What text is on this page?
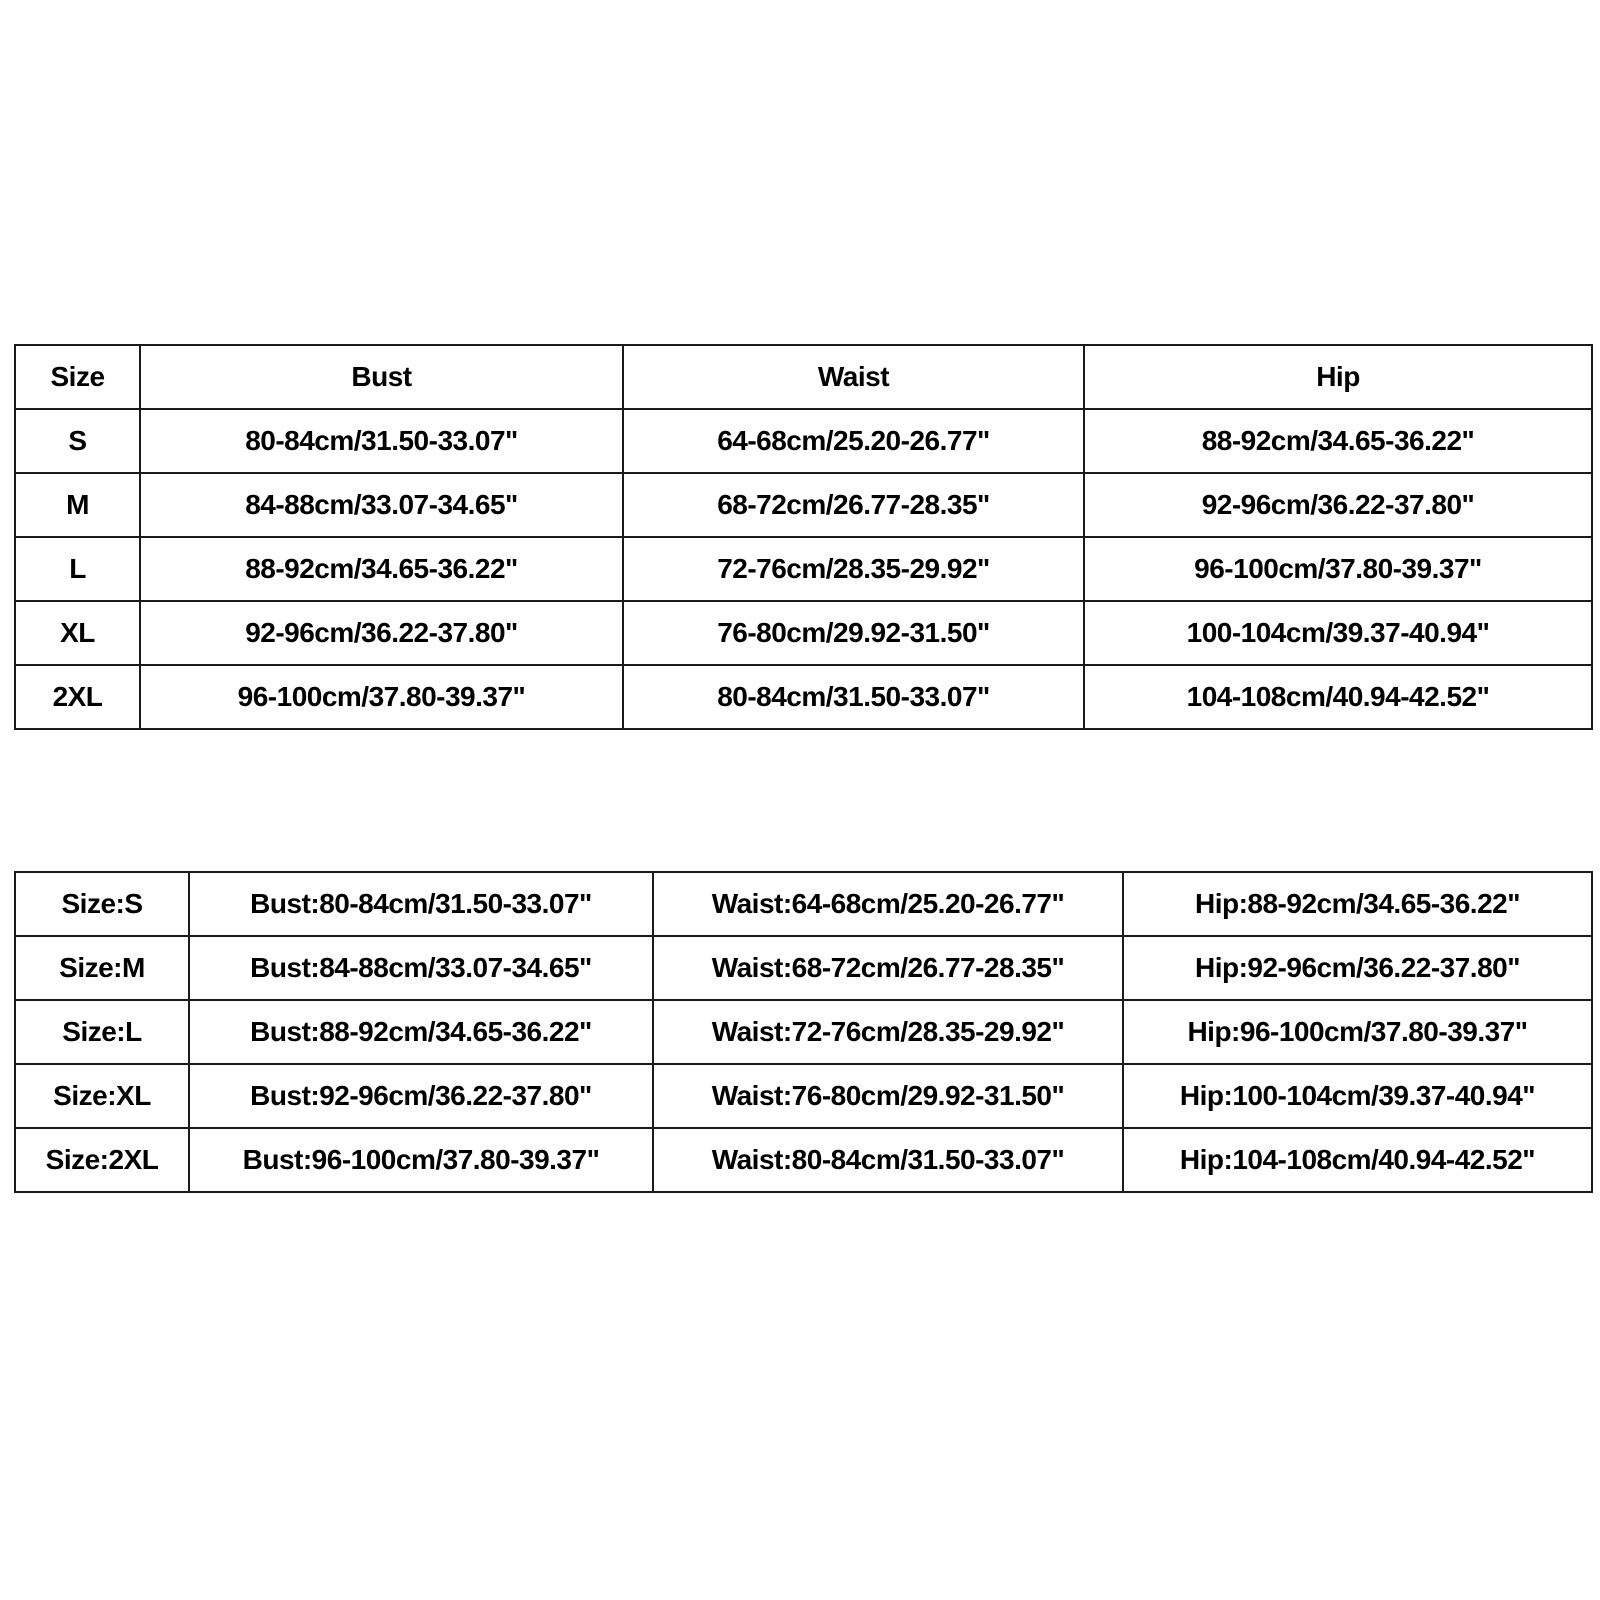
Size	Bust	Waist	Hip
S	80-84cm/31.50-33.07"	64-68cm/25.20-26.77"	88-92cm/34.65-36.22"
M	84-88cm/33.07-34.65"	68-72cm/26.77-28.35"	92-96cm/36.22-37.80"
L	88-92cm/34.65-36.22"	72-76cm/28.35-29.92"	96-100cm/37.80-39.37"
XL	92-96cm/36.22-37.80"	76-80cm/29.92-31.50"	100-104cm/39.37-40.94"
2XL	96-100cm/37.80-39.37"	80-84cm/31.50-33.07"	104-108cm/40.94-42.52"
Size:S	Bust:80-84cm/31.50-33.07"	Waist:64-68cm/25.20-26.77"	Hip:88-92cm/34.65-36.22"
Size:M	Bust:84-88cm/33.07-34.65"	Waist:68-72cm/26.77-28.35"	Hip:92-96cm/36.22-37.80"
Size:L	Bust:88-92cm/34.65-36.22"	Waist:72-76cm/28.35-29.92"	Hip:96-100cm/37.80-39.37"
Size:XL	Bust:92-96cm/36.22-37.80"	Waist:76-80cm/29.92-31.50"	Hip:100-104cm/39.37-40.94"
Size:2XL	Bust:96-100cm/37.80-39.37"	Waist:80-84cm/31.50-33.07"	Hip:104-108cm/40.94-42.52"
